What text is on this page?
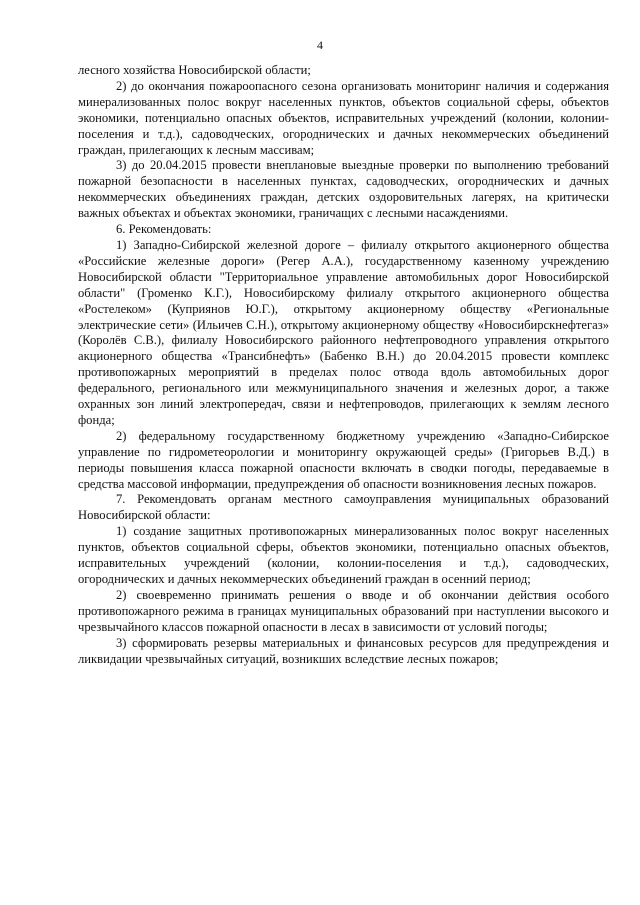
4

лесного хозяйства Новосибирской области;

2) до окончания пожароопасного сезона организовать мониторинг наличия и содержания минерализованных полос вокруг населенных пунктов, объектов социальной сферы, объектов экономики, потенциально опасных объектов, исправительных учреждений (колонии, колонии-поселения и т.д.), садоводческих, огороднических и дачных некоммерческих объединений граждан, прилегающих к лесным массивам;

3) до 20.04.2015 провести внеплановые выездные проверки по выполнению требований пожарной безопасности в населенных пунктах, садоводческих, огороднических и дачных некоммерческих объединениях граждан, детских оздоровительных лагерях, на критически важных объектах и объектах экономики, граничащих с лесными насаждениями.

6. Рекомендовать:

1) Западно-Сибирской железной дороге – филиалу открытого акционерного общества «Российские железные дороги» (Регер А.А.), государственному казенному учреждению Новосибирской области "Территориальное управление автомобильных дорог Новосибирской области" (Громенко К.Г.), Новосибирскому филиалу открытого акционерного общества «Ростелеком» (Куприянов Ю.Г.), открытому акционерному обществу «Региональные электрические сети» (Ильичев С.Н.), открытому акционерному обществу «Новосибирскнефтегаз» (Королёв С.В.), филиалу Новосибирского районного нефтепроводного управления открытого акционерного общества «Трансибнефть» (Бабенко В.Н.) до 20.04.2015 провести комплекс противопожарных мероприятий в пределах полос отвода вдоль автомобильных дорог федерального, регионального или межмуниципального значения и железных дорог, а также охранных зон линий электропередач, связи и нефтепроводов, прилегающих к землям лесного фонда;

2) федеральному государственному бюджетному учреждению «Западно-Сибирское управление по гидрометеорологии и мониторингу окружающей среды» (Григорьев В.Д.) в периоды повышения класса пожарной опасности включать в сводки погоды, передаваемые в средства массовой информации, предупреждения об опасности возникновения лесных пожаров.

7. Рекомендовать органам местного самоуправления муниципальных образований Новосибирской области:

1) создание защитных противопожарных минерализованных полос вокруг населенных пунктов, объектов социальной сферы, объектов экономики, потенциально опасных объектов, исправительных учреждений (колонии, колонии-поселения и т.д.), садоводческих, огороднических и дачных некоммерческих объединений граждан в осенний период;

2) своевременно принимать решения о вводе и об окончании действия особого противопожарного режима в границах муниципальных образований при наступлении высокого и чрезвычайного классов пожарной опасности в лесах в зависимости от условий погоды;

3) сформировать резервы материальных и финансовых ресурсов для предупреждения и ликвидации чрезвычайных ситуаций, возникших вследствие лесных пожаров;
